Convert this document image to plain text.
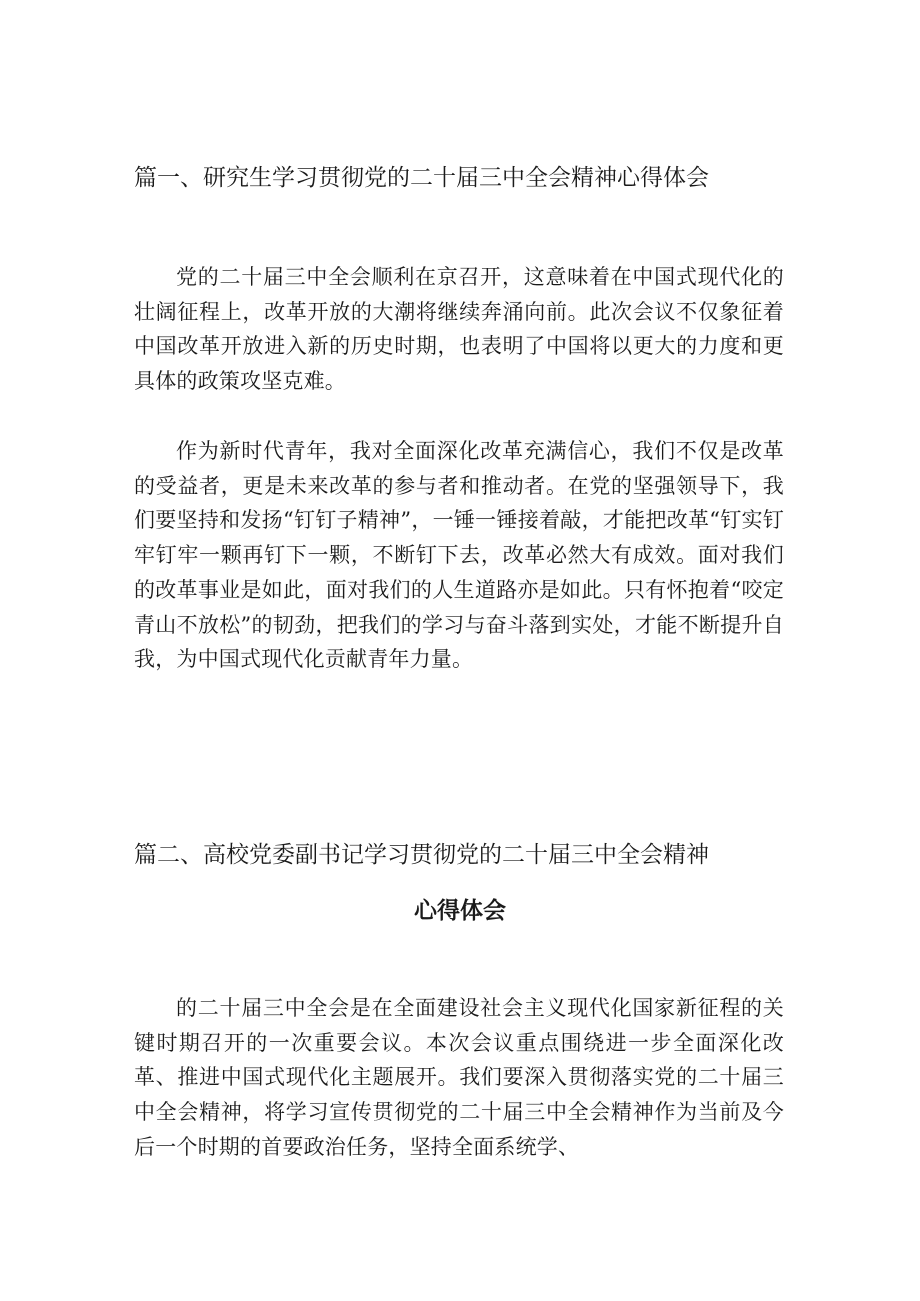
篇一、研究生学习贯彻党的二十届三中全会精神心得体会

党的二十届三中全会顺利在京召开，这意味着在中国式现代化的壮阔征程上，改革开放的大潮将继续奔涌向前。此次会议不仅象征着中国改革开放进入新的历史时期，也表明了中国将以更大的力度和更具体的政策攻坚克难。

作为新时代青年，我对全面深化改革充满信心，我们不仅是改革的受益者，更是未来改革的参与者和推动者。在党的坚强领导下，我们要坚持和发扬“钉钉子精神”，一锤一锤接着敲，才能把改革“钉实钉牢钉牢一颗再钉下一颗，不断钉下去，改革必然大有成效。面对我们的改革事业是如此，面对我们的人生道路亦是如此。只有怀抱着“咬定青山不放松”的韧劲，把我们的学习与奋斗落到实处，才能不断提升自我，为中国式现代化贡献青年力量。

篇二、高校党委副书记学习贯彻党的二十届三中全会精神
心得体会

的二十届三中全会是在全面建设社会主义现代化国家新征程的关键时期召开的一次重要会议。本次会议重点围绕进一步全面深化改革、推进中国式现代化主题展开。我们要深入贯彻落实党的二十届三中全会精神，将学习宣传贯彻党的二十届三中全会精神作为当前及今后一个时期的首要政治任务，坚持全面系统学、
